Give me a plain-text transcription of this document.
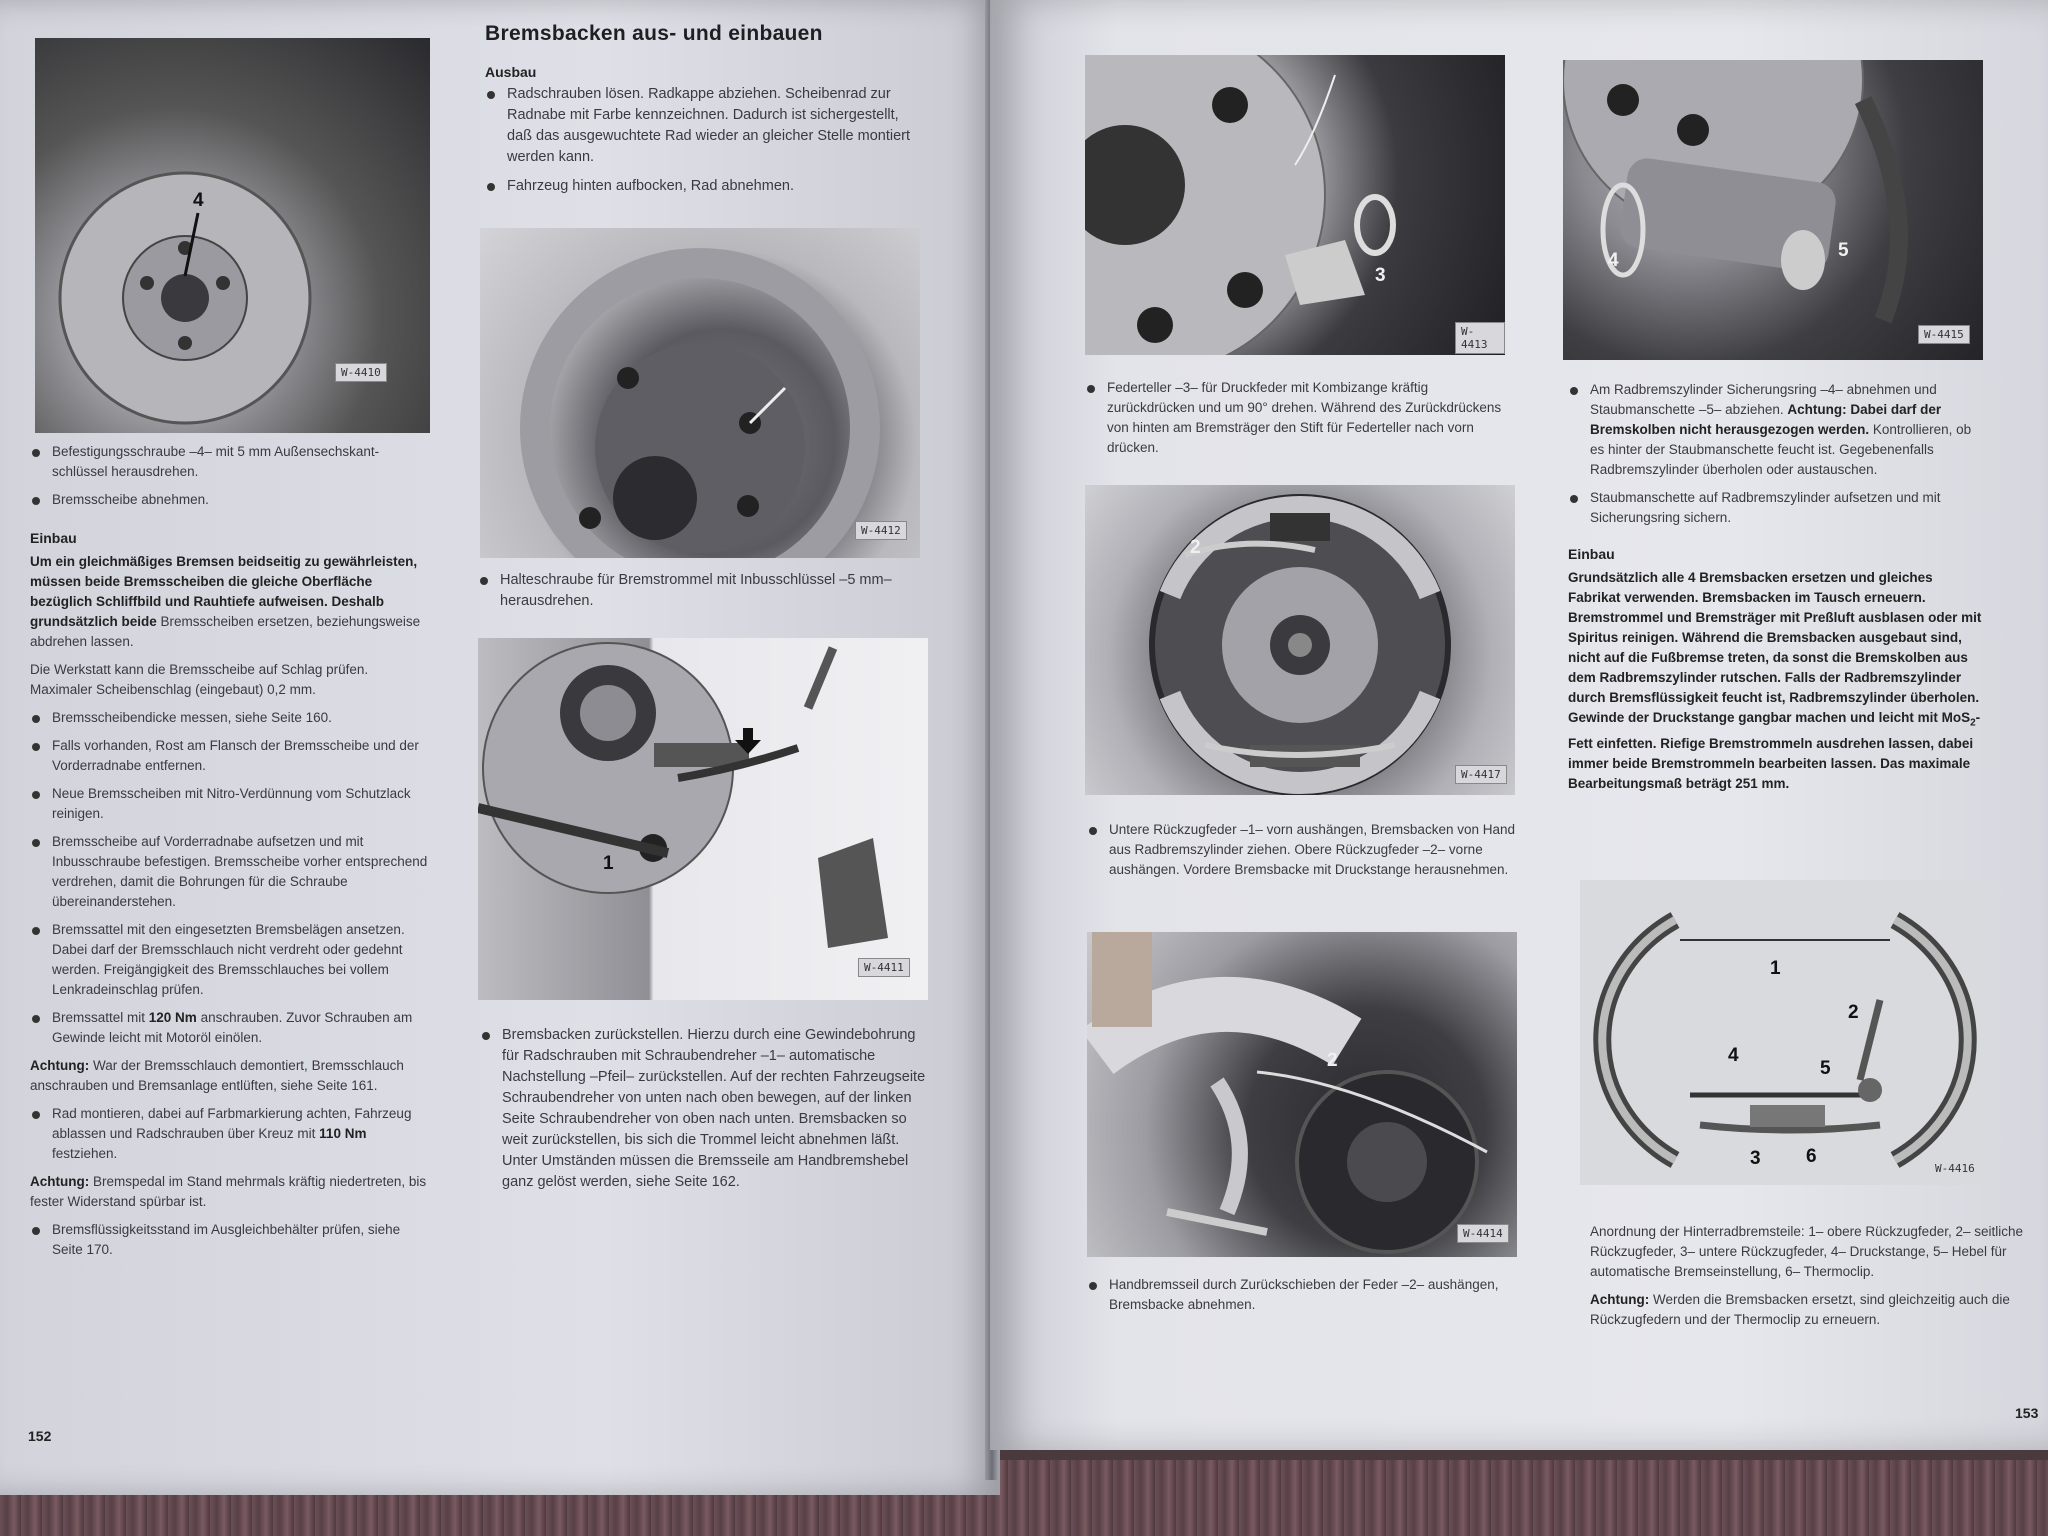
4
W-4410
Befestigungsschraube –4– mit 5 mm Außensechskant-schlüssel herausdrehen.
Bremsscheibe abnehmen.
Einbau
Um ein gleichmäßiges Bremsen beidseitig zu gewährleisten, müssen beide Bremsscheiben die gleiche Oberfläche bezüglich Schliffbild und Rauhtiefe aufweisen. Deshalb grundsätzlich beide Bremsscheiben ersetzen, beziehungsweise abdrehen lassen.
Die Werkstatt kann die Bremsscheibe auf Schlag prüfen. Maximaler Scheibenschlag (eingebaut) 0,2 mm.
Bremsscheibendicke messen, siehe Seite 160.
Falls vorhanden, Rost am Flansch der Bremsscheibe und der Vorderradnabe entfernen.
Neue Bremsscheiben mit Nitro-Verdünnung vom Schutzlack reinigen.
Bremsscheibe auf Vorderradnabe aufsetzen und mit Inbusschraube befestigen. Bremsscheibe vorher entsprechend verdrehen, damit die Bohrungen für die Schraube übereinanderstehen.
Bremssattel mit den eingesetzten Bremsbelägen ansetzen. Dabei darf der Bremsschlauch nicht verdreht oder gedehnt werden. Freigängigkeit des Bremsschlauches bei vollem Lenkradeinschlag prüfen.
Bremssattel mit 120 Nm anschrauben. Zuvor Schrauben am Gewinde leicht mit Motoröl einölen.
Achtung: War der Bremsschlauch demontiert, Bremsschlauch anschrauben und Bremsanlage entlüften, siehe Seite 161.
Rad montieren, dabei auf Farbmarkierung achten, Fahrzeug ablassen und Radschrauben über Kreuz mit 110 Nm festziehen.
Achtung: Bremspedal im Stand mehrmals kräftig niedertreten, bis fester Widerstand spürbar ist.
Bremsflüssigkeitsstand im Ausgleichbehälter prüfen, siehe Seite 170.
152
Bremsbacken aus- und einbauen
Ausbau
Radschrauben lösen. Radkappe abziehen. Scheibenrad zur Radnabe mit Farbe kennzeichnen. Dadurch ist sichergestellt, daß das ausgewuchtete Rad wieder an gleicher Stelle montiert werden kann.
Fahrzeug hinten aufbocken, Rad abnehmen.
W-4412
Halteschraube für Bremstrommel mit Inbusschlüssel –5 mm– herausdrehen.
1
W-4411
Bremsbacken zurückstellen. Hierzu durch eine Gewindebohrung für Radschrauben mit Schraubendreher –1– automatische Nachstellung –Pfeil– zurückstellen. Auf der rechten Fahrzeugseite Schraubendreher von unten nach oben bewegen, auf der linken Seite Schraubendreher von oben nach unten. Bremsbacken so weit zurückstellen, bis sich die Trommel leicht abnehmen läßt. Unter Umständen müssen die Bremsseile am Handbremshebel ganz gelöst werden, siehe Seite 162.
3
W-4413
Federteller –3– für Druckfeder mit Kombizange kräftig zurückdrücken und um 90° drehen. Während des Zurückdrückens von hinten am Bremsträger den Stift für Federteller nach vorn drücken.
2
W-4417
Untere Rückzugfeder –1– vorn aushängen, Bremsbacken von Hand aus Radbremszylinder ziehen. Obere Rückzugfeder –2– vorne aushängen. Vordere Bremsbacke mit Druckstange herausnehmen.
2
W-4414
Handbremsseil durch Zurückschieben der Feder –2– aushängen, Bremsbacke abnehmen.
4	5
W-4415
Am Radbremszylinder Sicherungsring –4– abnehmen und Staubmanschette –5– abziehen. Achtung: Dabei darf der Bremskolben nicht herausgezogen werden. Kontrollieren, ob es hinter der Staubmanschette feucht ist. Gegebenenfalls Radbremszylinder überholen oder austauschen.
Staubmanschette auf Radbremszylinder aufsetzen und mit Sicherungsring sichern.
Einbau
Grundsätzlich alle 4 Bremsbacken ersetzen und gleiches Fabrikat verwenden. Bremsbacken im Tausch erneuern. Bremstrommel und Bremsträger mit Preßluft ausblasen oder mit Spiritus reinigen. Während die Bremsbacken ausgebaut sind, nicht auf die Fußbremse treten, da sonst die Bremskolben aus dem Radbremszylinder rutschen. Falls der Radbremszylinder durch Bremsflüssigkeit feucht ist, Radbremszylinder überholen. Gewinde der Druckstange gangbar machen und leicht mit MoS$_2$-Fett einfetten. Riefige Bremstrommeln ausdrehen lassen, dabei immer beide Bremstrommeln bearbeiten lassen. Das maximale Bearbeitungsmaß beträgt 251 mm.
1
2
3
4
5
6
W-4416
Anordnung der Hinterradbremsteile: 1– obere Rückzugfeder, 2– seitliche Rückzugfeder, 3– untere Rückzugfeder, 4– Druckstange, 5– Hebel für automatische Bremseinstellung, 6– Thermoclip.
Achtung: Werden die Bremsbacken ersetzt, sind gleichzeitig auch die Rückzugfedern und der Thermoclip zu erneuern.
153
